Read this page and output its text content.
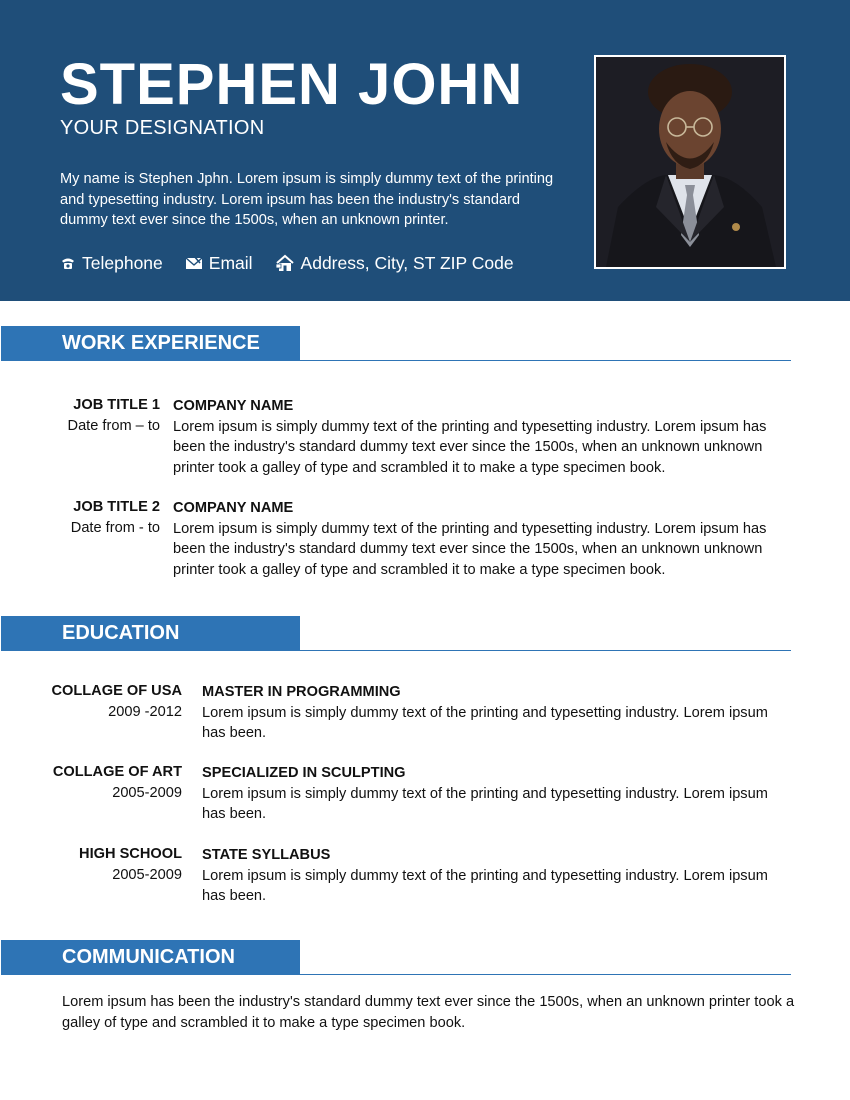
STEPHEN JOHN
YOUR DESIGNATION
My name is Stephen Jphn. Lorem ipsum is simply dummy text of the printing and typesetting industry. Lorem ipsum has been the industry's standard dummy text ever since the 1500s, when an unknown printer.
Telephone	Email	Address, City, ST ZIP Code
WORK EXPERIENCE
JOB TITLE 1
Date from – to
COMPANY NAME
Lorem ipsum is simply dummy text of the printing and typesetting industry. Lorem ipsum has been the industry's standard dummy text ever since the 1500s, when an unknown unknown printer took a galley of type and scrambled it to make a type specimen book.
JOB TITLE 2
Date from - to
COMPANY NAME
Lorem ipsum is simply dummy text of the printing and typesetting industry. Lorem ipsum has been the industry's standard dummy text ever since the 1500s, when an unknown unknown printer took a galley of type and scrambled it to make a type specimen book.
EDUCATION
COLLAGE OF USA
2009 -2012
MASTER IN PROGRAMMING
Lorem ipsum is simply dummy text of the printing and typesetting industry. Lorem ipsum has been.
COLLAGE OF ART
2005-2009
SPECIALIZED IN SCULPTING
Lorem ipsum is simply dummy text of the printing and typesetting industry. Lorem ipsum has been.
HIGH SCHOOL
2005-2009
STATE SYLLABUS
Lorem ipsum is simply dummy text of the printing and typesetting industry. Lorem ipsum has been.
COMMUNICATION
Lorem ipsum has been the industry's standard dummy text ever since the 1500s, when an unknown printer took a galley of type and scrambled it to make a type specimen book.
